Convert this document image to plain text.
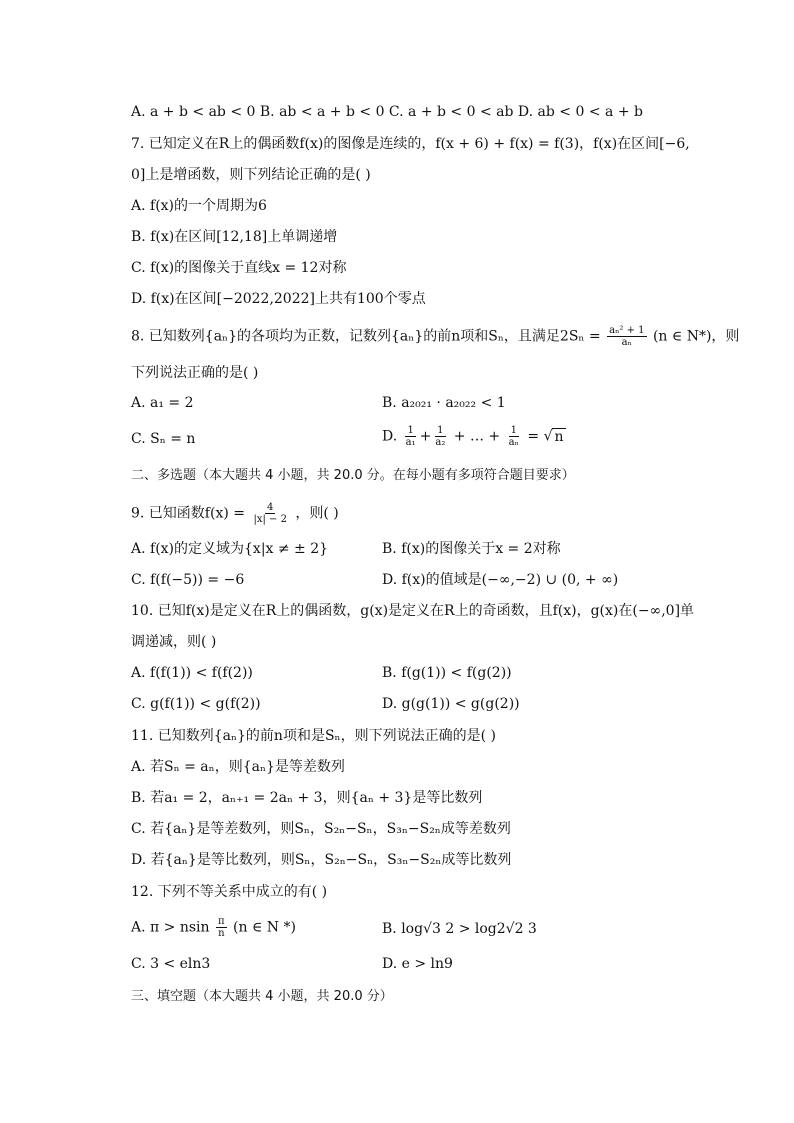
A. a + b < ab < 0 B. ab < a + b < 0 C. a + b < 0 < ab D. ab < 0 < a + b
7. 已知定义在R上的偶函数f(x)的图像是连续的，f(x + 6) + f(x) = f(3)，f(x)在区间[−6,
0]上是增函数，则下列结论正确的是( )
A. f(x)的一个周期为6
B. f(x)在区间[12,18]上单调递增
C. f(x)的图像关于直线x = 12对称
D. f(x)在区间[−2022,2022]上共有100个零点
8. 已知数列{aₙ}的各项均为正数，记数列{aₙ}的前n项和Sₙ，且满足$2S_n = \frac{\text{aₙ² + 1}}{\text{aₙ}} (n$ ∈ N*)，则
下列说法正确的是( )
A. a₁ = 2	B. a₂₀₂₁ · a₂₀₂₂ < 1
C. Sₙ = n	D. $\frac{1}{\text{a₁}} + \frac{1}{\text{a₂}}$ + … + $\frac{1}{\text{aₙ}}$ = √ n
二、多选题（本大题共 4 小题，共 20.0 分。在每小题有多项符合题目要求）
9. 已知函数$f(x) = \frac{4}{|x| - 2}$ ，则( )
A. f(x)的定义域为{x|x ≠ ± 2}	B. f(x)的图像关于x = 2对称
C. f(f(−5)) = −6	D. f(x)的值域是(−∞,−2) ∪ (0, + ∞)
10. 已知f(x)是定义在R上的偶函数，g(x)是定义在R上的奇函数，且f(x)，g(x)在(−∞,0]单
调递减，则( )
A. f(f(1)) < f(f(2))	B. f(g(1)) < f(g(2))
C. g(f(1)) < g(f(2))	D. g(g(1)) < g(g(2))
11. 已知数列{aₙ}的前n项和是Sₙ，则下列说法正确的是( )
A. 若Sₙ = aₙ，则{aₙ}是等差数列
B. 若a₁ = 2，aₙ₊₁ = 2aₙ + 3，则{aₙ + 3}是等比数列
C. 若{aₙ}是等差数列，则Sₙ，S₂ₙ−Sₙ，S₃ₙ−S₂ₙ成等差数列
D. 若{aₙ}是等比数列，则Sₙ，S₂ₙ−Sₙ，S₃ₙ−S₂ₙ成等比数列
12. 下列不等关系中成立的有( )
A. π > nsin $\frac{\pi}{n} (n$ ∈ N *)	B. log√3 2 > log2√2 3
C. 3 < eln3	D. e > ln9
三、填空题（本大题共 4 小题，共 20.0 分）
